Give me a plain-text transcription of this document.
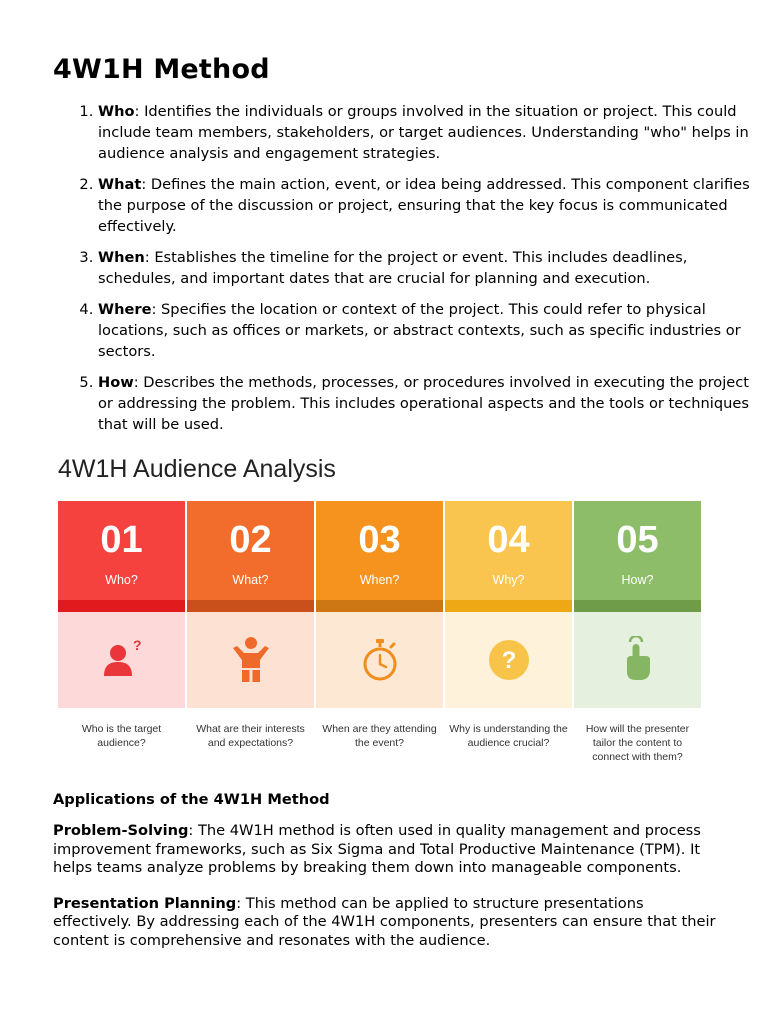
4W1H Method
1. Who: Identifies the individuals or groups involved in the situation or project. This could include team members, stakeholders, or target audiences. Understanding "who" helps in audience analysis and engagement strategies.
2. What: Defines the main action, event, or idea being addressed. This component clarifies the purpose of the discussion or project, ensuring that the key focus is communicated effectively.
3. When: Establishes the timeline for the project or event. This includes deadlines, schedules, and important dates that are crucial for planning and execution.
4. Where: Specifies the location or context of the project. This could refer to physical locations, such as offices or markets, or abstract contexts, such as specific industries or sectors.
5. How: Describes the methods, processes, or procedures involved in executing the project or addressing the problem. This includes operational aspects and the tools or techniques that will be used.
4W1H Audience Analysis
01
Who?
?
Who is the target audience?
02
What?
What are their interests and expectations?
03
When?
When are they attending the event?
04
Why?
?
Why is understanding the audience crucial?
05
How?
How will the presenter tailor the content to connect with them?
Applications of the 4W1H Method

Problem-Solving: The 4W1H method is often used in quality management and process improvement frameworks, such as Six Sigma and Total Productive Maintenance (TPM). It helps teams analyze problems by breaking them down into manageable components.

Presentation Planning: This method can be applied to structure presentations effectively. By addressing each of the 4W1H components, presenters can ensure that their content is comprehensive and resonates with the audience.
